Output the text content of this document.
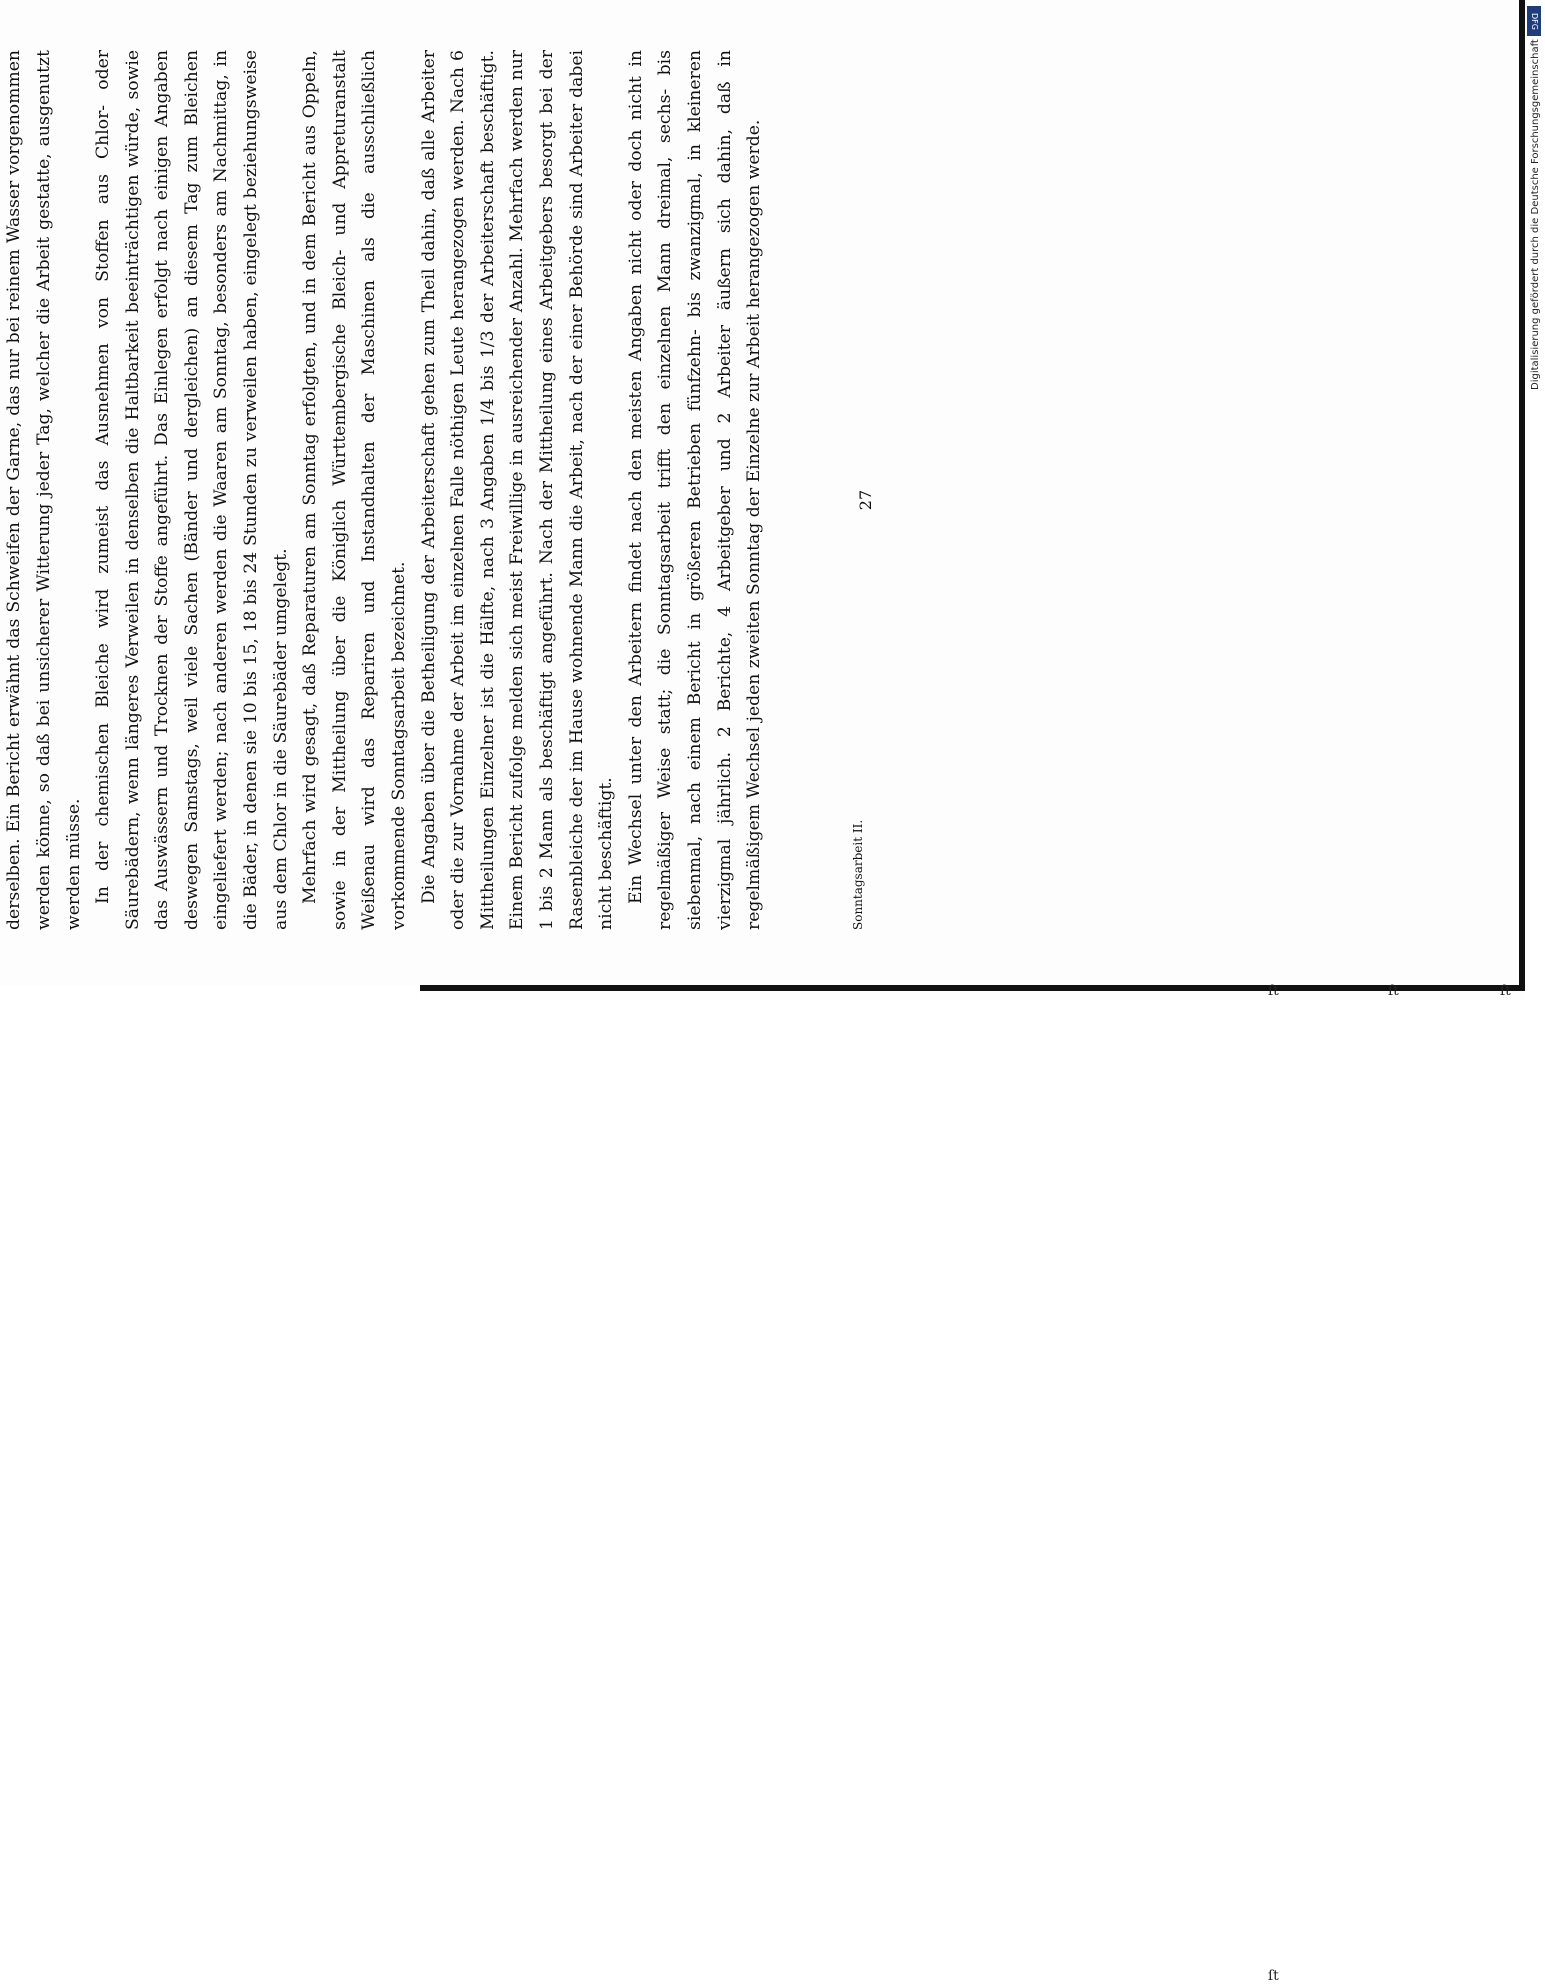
derselben. Ein Bericht erwähnt das Schweifen der Garne, das nur bei reinem Wasser vorgenommen werden könne, so daß bei unsicherer Witterung jeder Tag, welcher die Arbeit gestatte, ausgenutzt werden müsse. In der chemischen Bleiche wird zumeist das Ausnehmen von Stoffen aus Chlor- oder Säurebädern, wenn längeres Verweilen in denselben die Haltbarkeit beeinträchtigen würde, sowie das Auswässern und Trocknen der Stoffe angeführt. Das Einlegen erfolgt nach einigen Angaben deswegen Samstags, weil viele Sachen (Bänder und dergleichen) an diesem Tag zum Bleichen eingeliefert werden; nach anderen werden die Waaren am Sonntag, besonders am Nachmittag, in die Bäder, in denen sie 10 bis 15, 18 bis 24 Stunden zu verweilen haben, eingelegt beziehungsweise aus dem Chlor in die Säurebäder umgelegt. Mehrfach wird gesagt, daß Reparaturen am Sonntag erfolgten, und in dem Bericht aus Oppeln, sowie in der Mittheilung über die Königlich Württembergische Bleich- und Appreturanstalt Weißenau wird das Repariren und Instandhalten der Maschinen als die ausschließlich vorkommende Sonntagsarbeit bezeichnet. Die Angaben über die Betheiligung der Arbeiterschaft gehen zum Theil dahin, daß alle Arbeiter oder die zur Vornahme der Arbeit im einzelnen Falle nöthigen Leute herangezogen werden. Nach 6 Mittheilungen Einzelner ist die Hälfte, nach 3 Angaben 1/4 bis 1/3 der Arbeiterschaft beschäftigt. Einem Bericht zufolge melden sich meist Freiwillige in ausreichender Anzahl. Mehrfach werden nur 1 bis 2 Mann als beschäftigt angeführt. Nach der Mittheilung eines Arbeitgebers besorgt bei der Rasenbleiche der im Hause wohnende Mann die Arbeit, nach der einer Behörde sind Arbeiter dabei nicht beschäftigt. Ein Wechsel unter den Arbeitern findet nach den meisten Angaben nicht oder doch nicht in regelmäßiger Weise statt; die Sonntagsarbeit trifft den einzelnen Mann dreimal, sechs- bis siebenmal, nach einem Bericht in größeren Betrieben fünfzehn- bis zwanzigmal, in kleineren vierzigmal jährlich. 2 Berichte, 4 Arbeitgeber und 2 Arbeiter äußern sich dahin, daß in regelmäßigem Wechsel jeden zweiten Sonntag der Einzelne zur Arbeit herangezogen werde.	Sonntagsarbeit II.
27
ſt
ſt	ſt	ſt
DFG
Digitalisierung gefördert durch die Deutsche Forschungsgemeinschaft
